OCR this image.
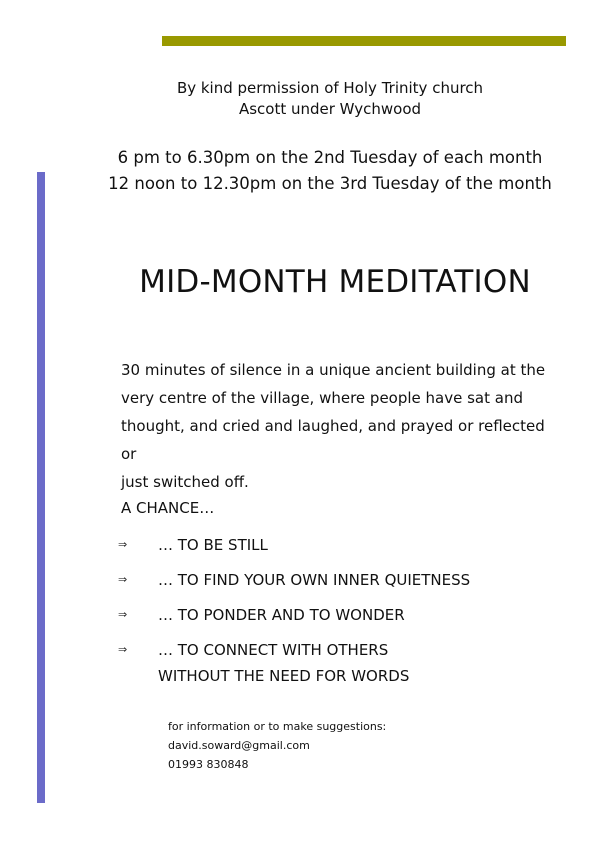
By kind permission of Holy Trinity church
Ascott under Wychwood
6 pm to 6.30pm on the 2nd Tuesday of each month
12 noon to 12.30pm on the 3rd Tuesday of the month
MID-MONTH MEDITATION
30 minutes of silence in a unique ancient building at the
very centre of the village, where people have sat and
thought, and cried and laughed, and prayed or reflected or
just switched off.
A CHANCE…
⇒ … TO BE STILL
⇒ … TO FIND YOUR OWN INNER QUIETNESS
⇒ … TO PONDER AND TO WONDER
⇒ … TO CONNECT WITH OTHERS
WITHOUT THE NEED FOR WORDS
for information or to make suggestions:
david.soward@gmail.com
01993 830848
